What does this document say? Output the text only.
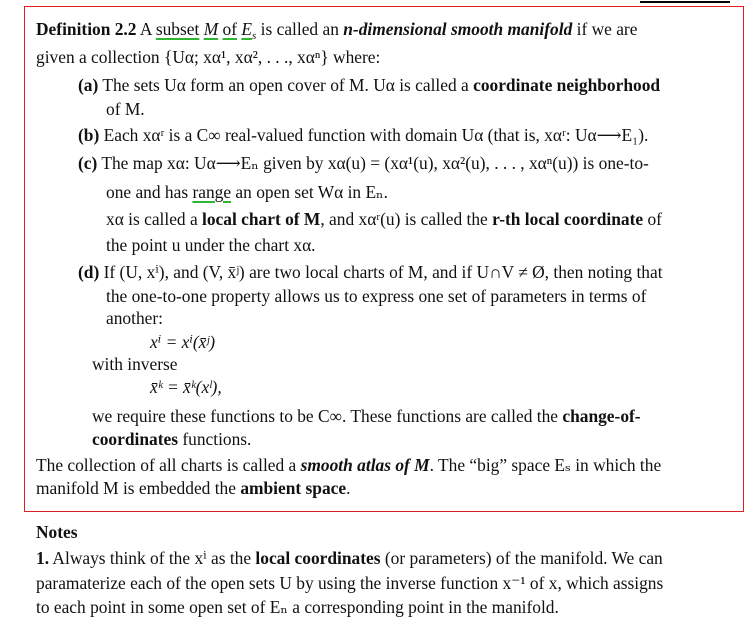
Definition 2.2 A subset M of $E_s$ is called an n-dimensional smooth manifold if we are
given a collection {Uα; xα¹, xα², . . ., xαⁿ} where:
(a) The sets Uα form an open cover of M. Uα is called a coordinate neighborhood
of M.
(b) Each xαʳ is a C∞ real-valued function with domain Uα (that is, xαʳ: Uα⟶E₁).
(c) The map xα: Uα⟶Eₙ given by xα(u) = (xα¹(u), xα²(u), . . . , xαⁿ(u)) is one-to-
one and has range an open set Wα in Eₙ.
xα is called a local chart of M, and xαʳ(u) is called the r-th local coordinate of
the point u under the chart xα.
(d) If (U, xⁱ), and (V, x̄ʲ) are two local charts of M, and if U∩V ≠ Ø, then noting that
the one-to-one property allows us to express one set of parameters in terms of
another:
xⁱ = xⁱ(x̄ʲ)
with inverse
x̄ᵏ = x̄ᵏ(xˡ),
we require these functions to be C∞. These functions are called the change-of-
coordinates functions.
The collection of all charts is called a smooth atlas of M. The “big” space Eₛ in which the
manifold M is embedded the ambient space.
Notes
1. Always think of the xⁱ as the local coordinates (or parameters) of the manifold. We can
paramaterize each of the open sets U by using the inverse function x⁻¹ of x, which assigns
to each point in some open set of Eₙ a corresponding point in the manifold.
